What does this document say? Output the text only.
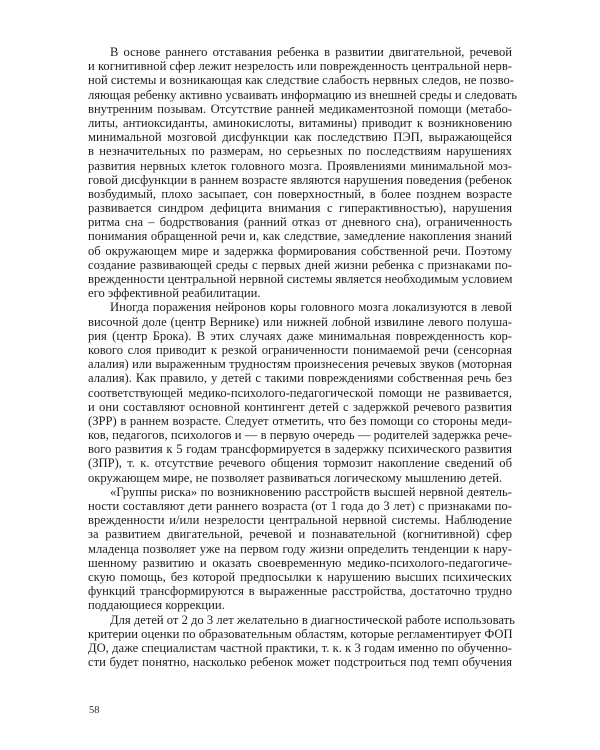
В основе раннего отставания ребенка в развитии двигательной, речевой
и когнитивной сфер лежит незрелость или поврежденность центральной нерв-
ной системы и возникающая как следствие слабость нервных следов, не позво-
ляющая ребенку активно усваивать информацию из внешней среды и следовать
внутренним позывам. Отсутствие ранней медикаментозной помощи (метабо-
литы, антиоксиданты, аминокислоты, витамины) приводит к возникновению
минимальной мозговой дисфункции как последствию ПЭП, выражающейся
в незначительных по размерам, но серьезных по последствиям нарушениях
развития нервных клеток головного мозга. Проявлениями минимальной моз-
говой дисфункции в раннем возрасте являются нарушения поведения (ребенок
возбудимый, плохо засыпает, сон поверхностный, в более позднем возрасте
развивается синдром дефицита внимания с гиперактивностью), нарушения
ритма сна – бодрствования (ранний отказ от дневного сна), ограниченность
понимания обращенной речи и, как следствие, замедление накопления знаний
об окружающем мире и задержка формирования собственной речи. Поэтому
создание развивающей среды с первых дней жизни ребенка с признаками по-
врежденности центральной нервной системы является необходимым условием
его эффективной реабилитации.
Иногда поражения нейронов коры головного мозга локализуются в левой
височной доле (центр Вернике) или нижней лобной извилине левого полуша-
рия (центр Брока). В этих случаях даже минимальная поврежденность кор-
кового слоя приводит к резкой ограниченности понимаемой речи (сенсорная
алалия) или выраженным трудностям произнесения речевых звуков (моторная
алалия). Как правило, у детей с такими повреждениями собственная речь без
соответствующей медико-психолого-педагогической помощи не развивается,
и они составляют основной контингент детей с задержкой речевого развития
(ЗРР) в раннем возрасте. Следует отметить, что без помощи со стороны меди-
ков, педагогов, психологов и — в первую очередь — родителей задержка рече-
вого развития к 5 годам трансформируется в задержку психического развития
(ЗПР), т. к. отсутствие речевого общения тормозит накопление сведений об
окружающем мире, не позволяет развиваться логическому мышлению детей.
«Группы риска» по возникновению расстройств высшей нервной деятель-
ности составляют дети раннего возраста (от 1 года до 3 лет) с признаками по-
врежденности и/или незрелости центральной нервной системы. Наблюдение
за развитием двигательной, речевой и познавательной (когнитивной) сфер
младенца позволяет уже на первом году жизни определить тенденции к нару-
шенному развитию и оказать своевременную медико-психолого-педагогиче-
скую помощь, без которой предпосылки к нарушению высших психических
функций трансформируются в выраженные расстройства, достаточно трудно
поддающиеся коррекции.
Для детей от 2 до 3 лет желательно в диагностической работе использовать
критерии оценки по образовательным областям, которые регламентирует ФОП
ДО, даже специалистам частной практики, т. к. к 3 годам именно по обученно-
сти будет понятно, насколько ребенок может подстроиться под темп обучения
58
